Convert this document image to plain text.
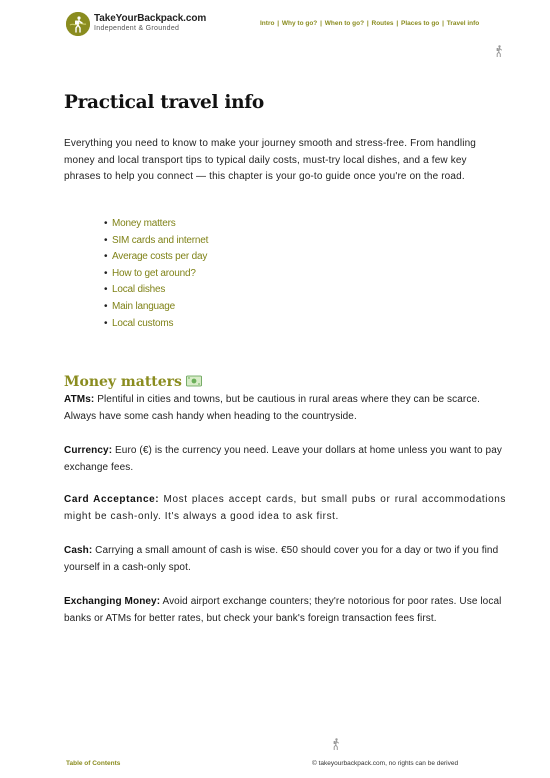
TakeYourBackpack.com
Independent & Grounded
Intro | Why to go? | When to go? | Routes | Places to go | Travel info
Practical travel info

Everything you need to know to make your journey smooth and stress-free. From handling money and local transport tips to typical daily costs, must-try local dishes, and a few key phrases to help you connect — this chapter is your go-to guide once you're on the road.

• Money matters
• SIM cards and internet
• Average costs per day
• How to get around?
• Local dishes
• Main language
• Local customs
Money matters

ATMs: Plentiful in cities and towns, but be cautious in rural areas where they can be scarce. Always have some cash handy when heading to the countryside.

Currency: Euro (€) is the currency you need. Leave your dollars at home unless you want to pay exchange fees.

Card Acceptance: Most places accept cards, but small pubs or rural accommodations might be cash-only. It's always a good idea to ask first.

Cash: Carrying a small amount of cash is wise. €50 should cover you for a day or two if you find yourself in a cash-only spot.

Exchanging Money: Avoid airport exchange counters; they're notorious for poor rates. Use local banks or ATMs for better rates, but check your bank's foreign transaction fees first.

Table of Contents	© takeyourbackpack.com, no rights can be derived
